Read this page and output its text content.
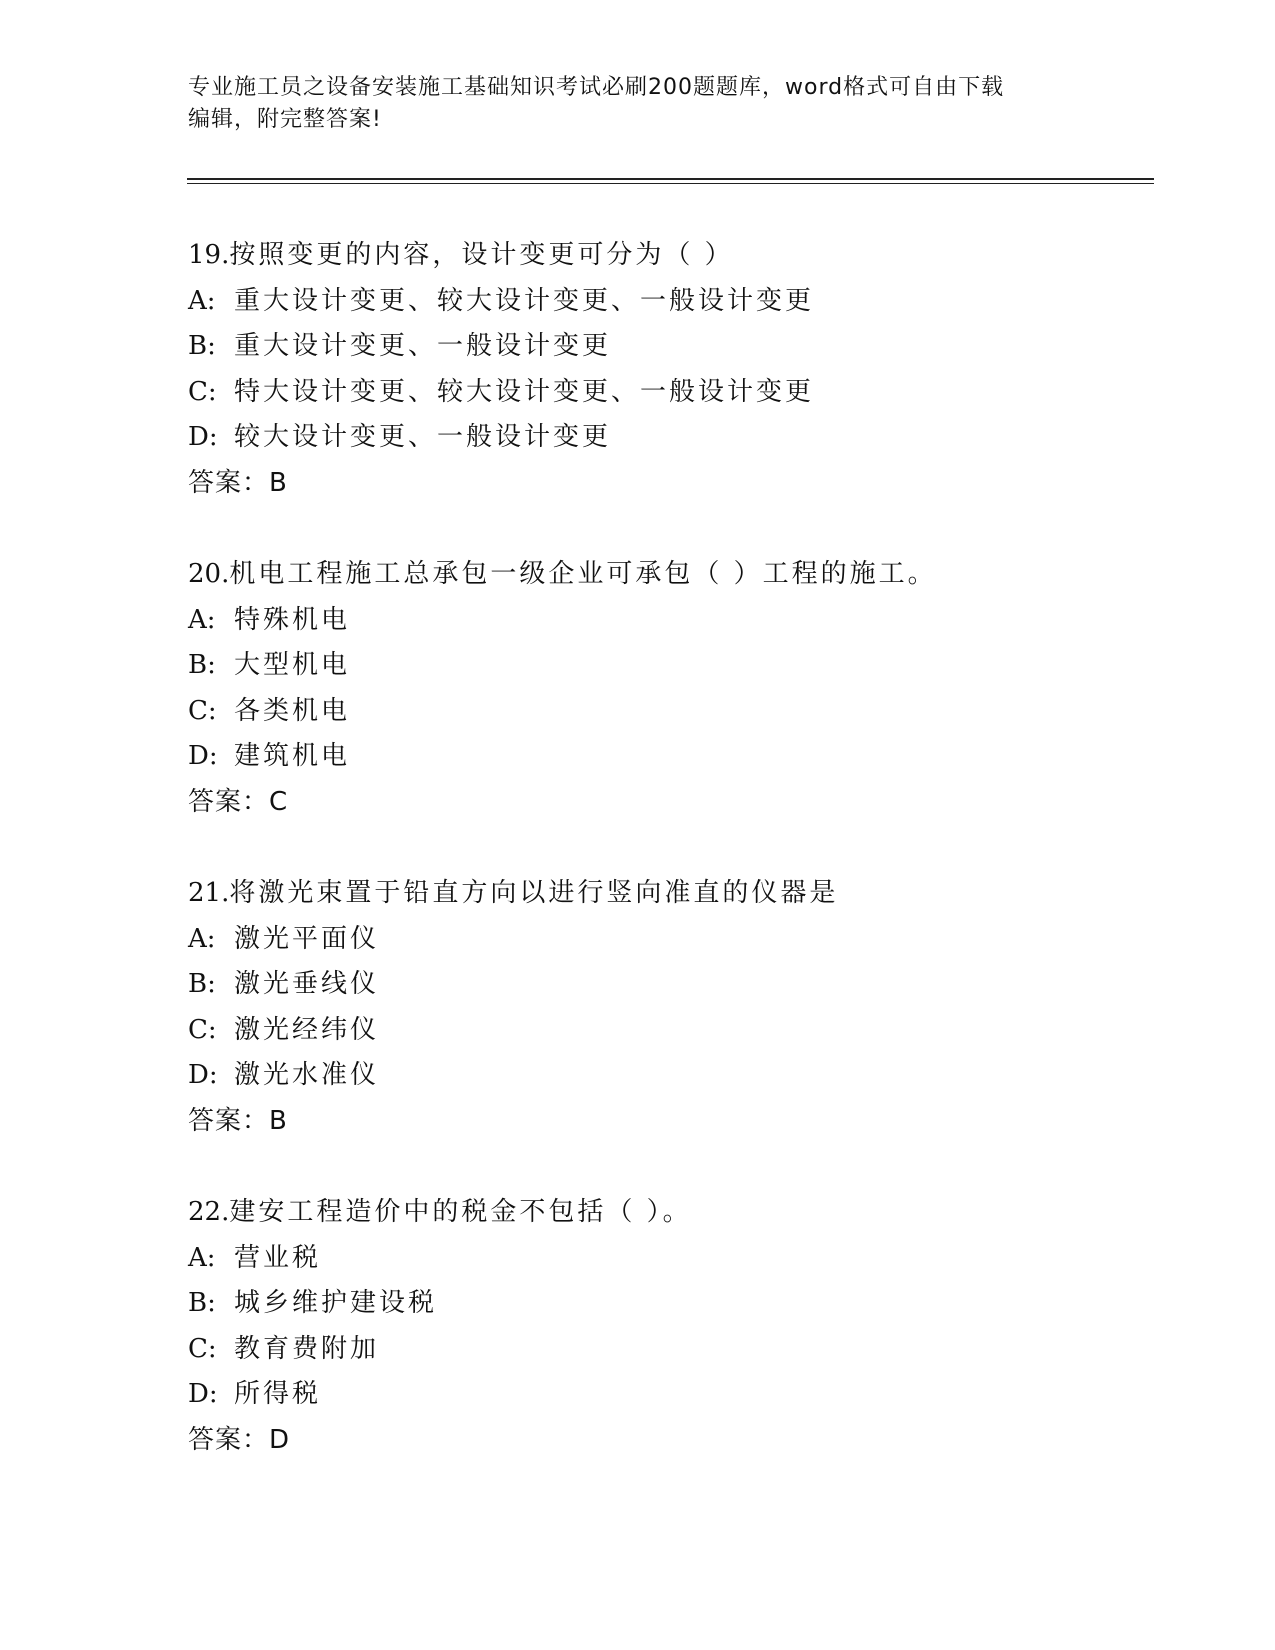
专业施工员之设备安装施工基础知识考试必刷200题题库，word格式可自由下载
编辑，附完整答案!
19.按照变更的内容，设计变更可分为（ ）
A: 重大设计变更、较大设计变更、一般设计变更
B: 重大设计变更、一般设计变更
C: 特大设计变更、较大设计变更、一般设计变更
D: 较大设计变更、一般设计变更
答案：B
20.机电工程施工总承包一级企业可承包（ ）工程的施工。
A: 特殊机电
B: 大型机电
C: 各类机电
D: 建筑机电
答案：C
21.将激光束置于铅直方向以进行竖向准直的仪器是
A: 激光平面仪
B: 激光垂线仪
C: 激光经纬仪
D: 激光水准仪
答案：B
22.建安工程造价中的税金不包括（ ）。
A: 营业税
B: 城乡维护建设税
C: 教育费附加
D: 所得税
答案：D
